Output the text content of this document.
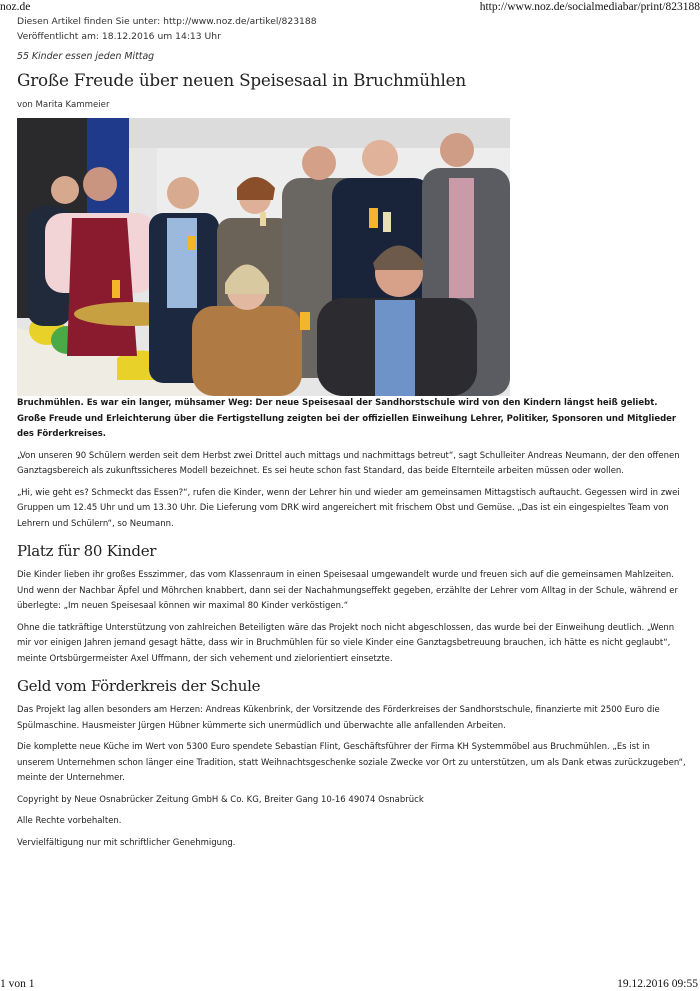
noz.de	http://www.noz.de/socialmediabar/print/823188
Diesen Artikel finden Sie unter: http://www.noz.de/artikel/823188
Veröffentlicht am: 18.12.2016 um 14:13 Uhr
55 Kinder essen jeden Mittag
Große Freude über neuen Speisesaal in Bruchmühlen
von Marita Kammeier
Bruchmühlen. Es war ein langer, mühsamer Weg: Der neue Speisesaal der Sandhorstschule wird von den Kindern längst heiß geliebt. Große Freude und Erleichterung über die Fertigstellung zeigten bei der offiziellen Einweihung Lehrer, Politiker, Sponsoren und Mitglieder des Förderkreises.

„Von unseren 90 Schülern werden seit dem Herbst zwei Drittel auch mittags und nachmittags betreut“, sagt Schulleiter Andreas Neumann, der den offenen Ganztagsbereich als zukunftssicheres Modell bezeichnet. Es sei heute schon fast Standard, das beide Elternteile arbeiten müssen oder wollen.

„Hi, wie geht es? Schmeckt das Essen?“, rufen die Kinder, wenn der Lehrer hin und wieder am gemeinsamen Mittagstisch auftaucht. Gegessen wird in zwei Gruppen um 12.45 Uhr und um 13.30 Uhr. Die Lieferung vom DRK wird angereichert mit frischem Obst und Gemüse. „Das ist ein eingespieltes Team von Lehrern und Schülern“, so Neumann.

Platz für 80 Kinder

Die Kinder lieben ihr großes Esszimmer, das vom Klassenraum in einen Speisesaal umgewandelt wurde und freuen sich auf die gemeinsamen Mahlzeiten. Und wenn der Nachbar Äpfel und Möhrchen knabbert, dann sei der Nachahmungseffekt gegeben, erzählte der Lehrer vom Alltag in der Schule, während er überlegte: „Im neuen Speisesaal können wir maximal 80 Kinder verköstigen.“

Ohne die tatkräftige Unterstützung von zahlreichen Beteiligten wäre das Projekt noch nicht abgeschlossen, das wurde bei der Einweihung deutlich. „Wenn mir vor einigen Jahren jemand gesagt hätte, dass wir in Bruchmühlen für so viele Kinder eine Ganztagsbetreuung brauchen, ich hätte es nicht geglaubt“, meinte Ortsbürgermeister Axel Uffmann, der sich vehement und zielorientiert einsetzte.

Geld vom Förderkreis der Schule

Das Projekt lag allen besonders am Herzen: Andreas Kükenbrink, der Vorsitzende des Förderkreises der Sandhorstschule, finanzierte mit 2500 Euro die Spülmaschine. Hausmeister Jürgen Hübner kümmerte sich unermüdlich und überwachte alle anfallenden Arbeiten.

Die komplette neue Küche im Wert von 5300 Euro spendete Sebastian Flint, Geschäftsführer der Firma KH Systemmöbel aus Bruchmühlen. „Es ist in unserem Unternehmen schon länger eine Tradition, statt Weihnachtsgeschenke soziale Zwecke vor Ort zu unterstützen, um als Dank etwas zurückzugeben“, meinte der Unternehmer.

Copyright by Neue Osnabrücker Zeitung GmbH & Co. KG, Breiter Gang 10-16 49074 Osnabrück

Alle Rechte vorbehalten.

Vervielfältigung nur mit schriftlicher Genehmigung.

1 von 1	19.12.2016 09:55
